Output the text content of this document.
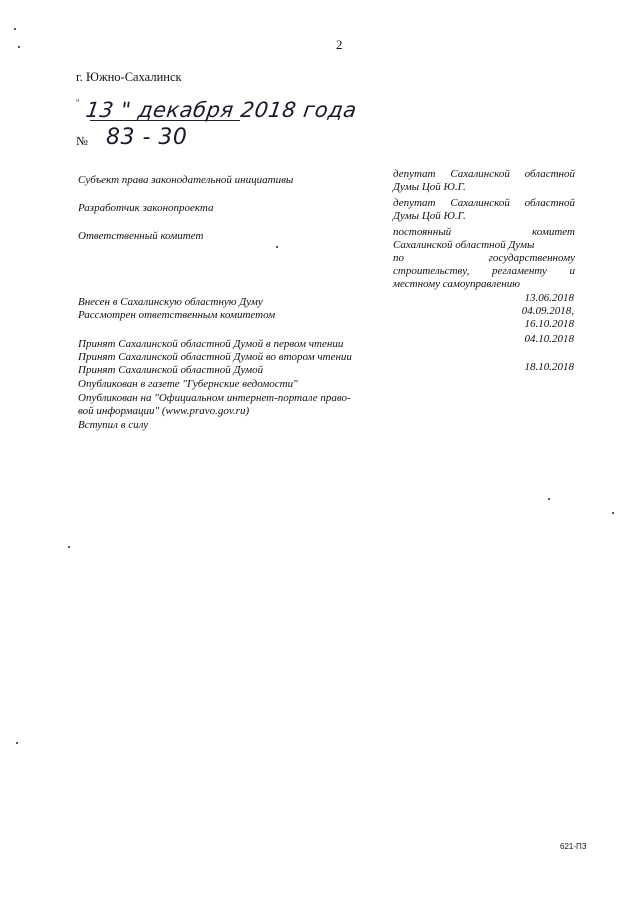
2
г. Южно-Сахалинск
" 13 " декабря 2018 года
№ 83 - 30
Субъект права законодательной инициативы	депутат Сахалинской областной
Думы Цой Ю.Г.
Разработчик законопроекта	депутат Сахалинской областной
Думы Цой Ю.Г.
Ответственный комитет	постоянный комитет
Сахалинской областной Думы
по государственному
строительству, регламенту и
местному самоуправлению
Внесен в Сахалинскую областную Думу	13.06.2018
Рассмотрен ответственным комитетом	04.09.2018,
16.10.2018
Принят Сахалинской областной Думой в первом чтении	04.10.2018
Принят Сахалинской областной Думой во втором чтении
Принят Сахалинской областной Думой	18.10.2018
Опубликован в газете "Губернские ведомости"
Опубликован на "Официальном интернет-портале право-
вой информации" (www.pravo.gov.ru)
Вступил в силу
621-ПЗ
